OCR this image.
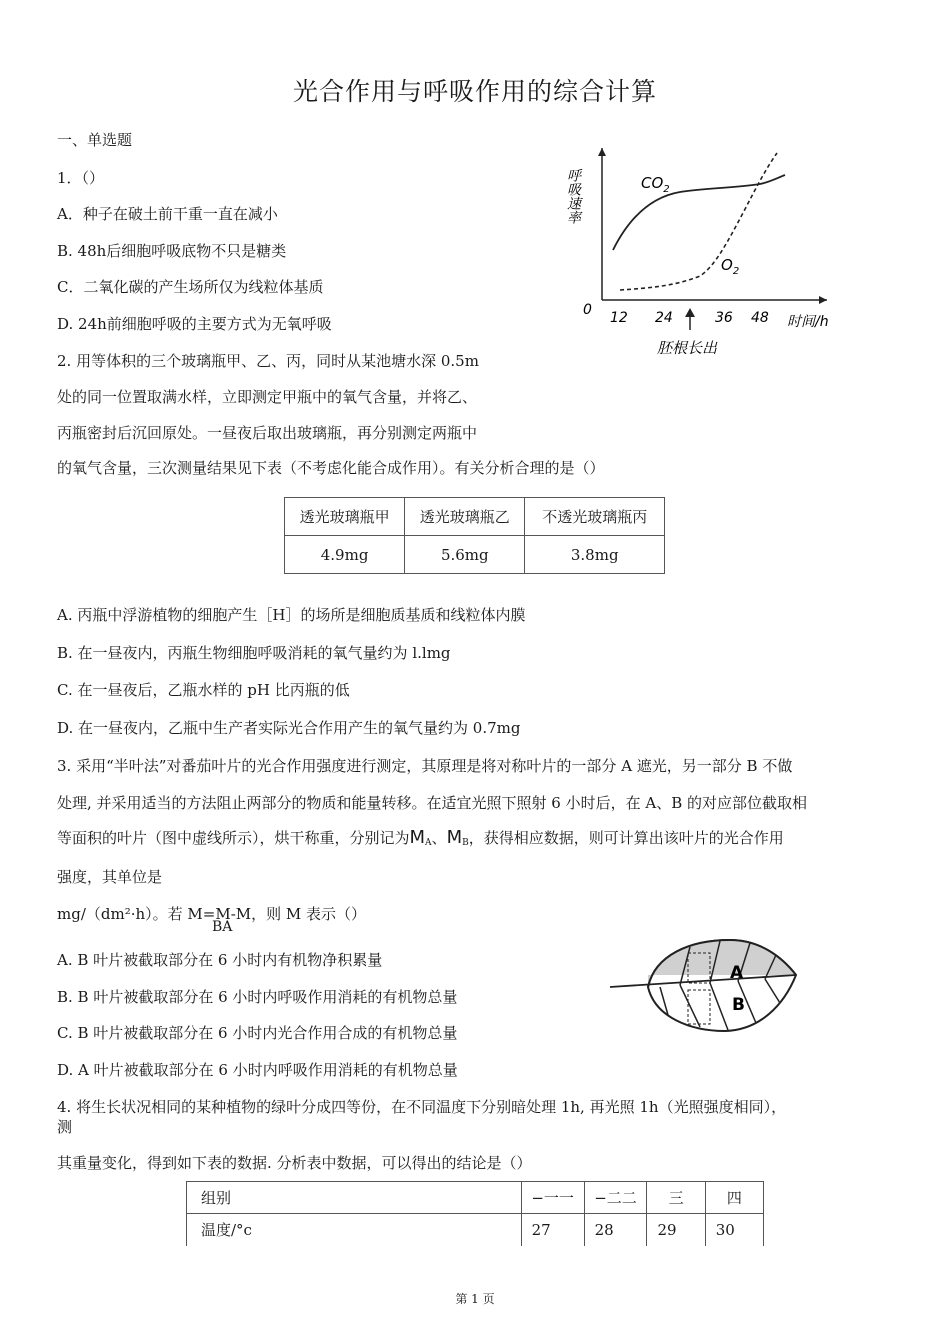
光合作用与呼吸作用的综合计算
一、单选题
1．（）
A．种子在破土前干重一直在减小
B. 48h后细胞呼吸底物不只是糖类
C．二氧化碳的产生场所仅为线粒体基质
D. 24h前细胞呼吸的主要方式为无氧呼吸
呼吸速率
0 12 24	36 48 时间/h
$CO_2$
$O_2$
胚根长出
2. 用等体积的三个玻璃瓶甲、乙、丙，同时从某池塘水深 0.5m
处的同一位置取满水样，立即测定甲瓶中的氧气含量，并将乙、
丙瓶密封后沉回原处。一昼夜后取出玻璃瓶，再分别测定两瓶中
的氧气含量，三次测量结果见下表（不考虑化能合成作用）。有关分析合理的是（）
透光玻璃瓶甲	透光玻璃瓶乙	不透光玻璃瓶丙
4.9mg	5.6mg	3.8mg
A. 丙瓶中浮游植物的细胞产生［H］的场所是细胞质基质和线粒体内膜
B. 在一昼夜内，丙瓶生物细胞呼吸消耗的氧气量约为 l.lmg
C. 在一昼夜后，乙瓶水样的 pH 比丙瓶的低
D. 在一昼夜内，乙瓶中生产者实际光合作用产生的氧气量约为 0.7mg
3. 采用“半叶法”对番茄叶片的光合作用强度进行测定，其原理是将对称叶片的一部分 A 遮光，另一部分 B 不做
处理, 并采用适当的方法阻止两部分的物质和能量转移。在适宜光照下照射 6 小时后，在 A、B 的对应部位截取相
等面积的叶片（图中虚线所示），烘干称重，分别记为$M_A$、$M_B$，获得相应数据，则可计算出该叶片的光合作用
强度，其单位是
mg/（dm²·h）。若 M=M-M，则 M 表示（）
BA
A. B 叶片被截取部分在 6 小时内有机物净积累量
B. B 叶片被截取部分在 6 小时内呼吸作用消耗的有机物总量
C. B 叶片被截取部分在 6 小时内光合作用合成的有机物总量
D. A 叶片被截取部分在 6 小时内呼吸作用消耗的有机物总量
A
B
4. 将生长状况相同的某种植物的绿叶分成四等份，在不同温度下分别暗处理 1h, 再光照 1h（光照强度相同），
测
其重量变化，得到如下表的数据. 分析表中数据，可以得出的结论是（）
组别	−一一	−二二	三	四
温度/°c	27	28	29	30
第 1 页
